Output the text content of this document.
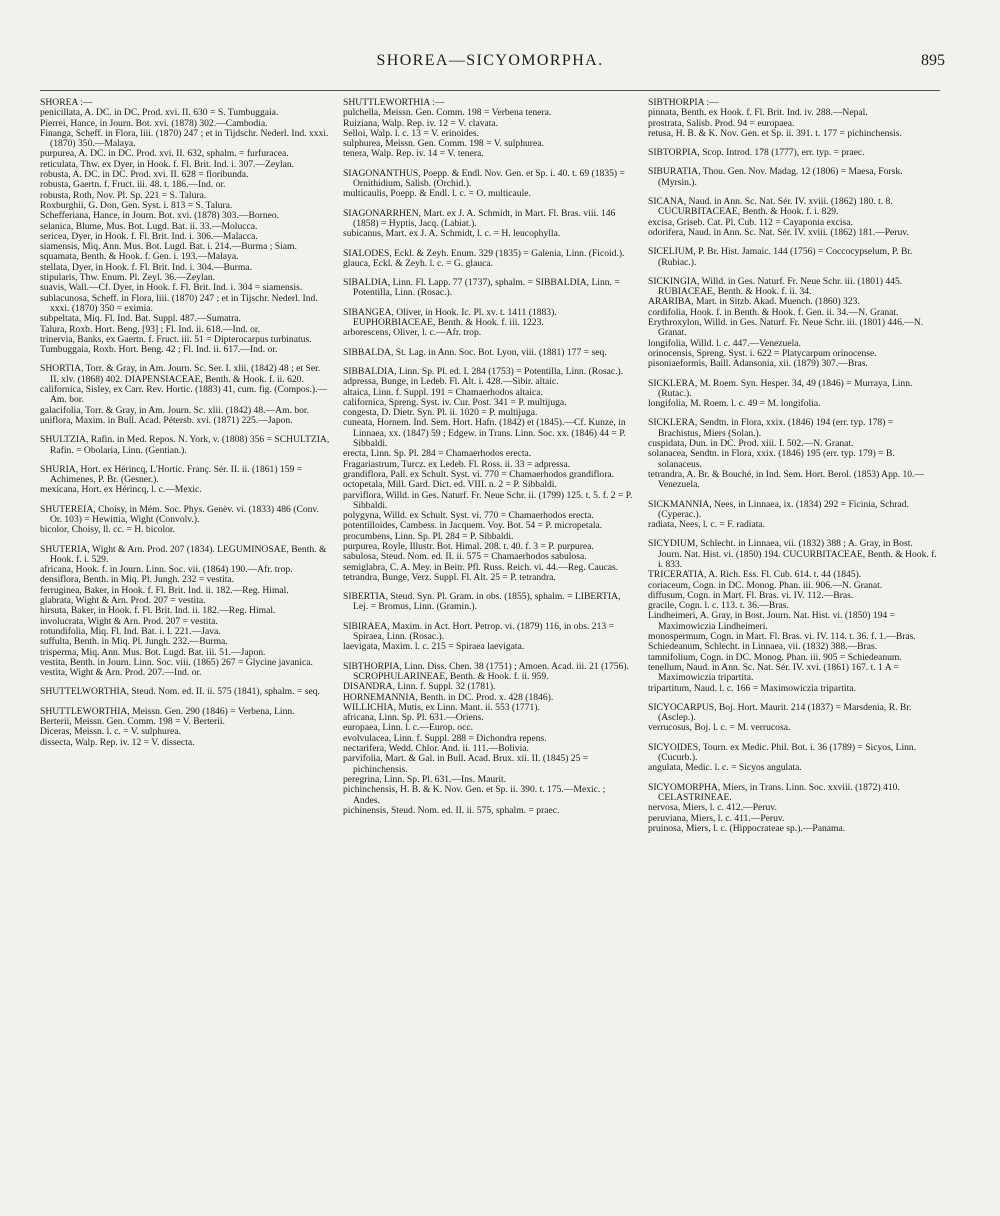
SHOREA—SICYOMORPHA.	895
SHOREA :—
penicillata, A. DC. in DC. Prod. xvi. II. 630 = S. Tumbuggaia.
Pierrei, Hance, in Journ. Bot. xvi. (1878) 302.—Cambodia.
Finanga, Scheff. in Flora, liii. (1870) 247 ; et in Tijdschr. Nederl. Ind. xxxi. (1870) 350.—Malaya.
purpurea, A. DC. in DC. Prod. xvi. II. 632, sphalm. = furfuracea.
reticulata, Thw. ex Dyer, in Hook. f. Fl. Brit. Ind. i. 307.—Zeylan.
robusta, A. DC. in DC. Prod. xvi. II. 628 = floribunda.
robusta, Gaertn. f. Fruct. iii. 48. t. 186.—Ind. or.
robusta, Roth, Nov. Pl. Sp. 221 = S. Talura.
Roxburghii, G. Don, Gen. Syst. i. 813 = S. Talura.
Schefferiana, Hance, in Journ. Bot. xvi. (1878) 303.—Borneo.
selanica, Blume, Mus. Bot. Lugd. Bat. ii. 33.—Molucca.
sericea, Dyer, in Hook. f. Fl. Brit. Ind. i. 306.—Malacca.
siamensis, Miq. Ann. Mus. Bot. Lugd. Bat. i. 214.—Burma ; Siam.
squamata, Benth. & Hook. f. Gen. i. 193.—Malaya.
stellata, Dyer, in Hook. f. Fl. Brit. Ind. i. 304.—Burma.
stipularis, Thw. Enum. Pl. Zeyl. 36.—Zeylan.
suavis, Wall.—Cf. Dyer, in Hook. f. Fl. Brit. Ind. i. 304 = siamensis.
sublacunosa, Scheff. in Flora, liii. (1870) 247 ; et in Tijschr. Nederl. Ind. xxxi. (1870) 350 = eximia.
subpeltata, Miq. Fl. Ind. Bat. Suppl. 487.—Sumatra.
Talura, Roxb. Hort. Beng. [93] ; Fl. Ind. ii. 618.—Ind. or.
trinervia, Banks, ex Gaertn. f. Fruct. iii. 51 = Dipterocarpus turbinatus.
Tumbuggaia, Roxb. Hort. Beng. 42 ; Fl. Ind. ii. 617.—Ind. or.
SHORTIA, Torr. & Gray, in Am. Journ. Sc. Ser. I. xlii. (1842) 48 ; et Ser. II. xlv. (1868) 402. DIAPENSIACEAE, Benth. & Hook. f. ii. 620.
californica, Sisley, ex Carr. Rev. Hortic. (1883) 41, cum. fig. (Compos.).—Am. bor.
galacifolia, Torr. & Gray, in Am. Journ. Sc. xlii. (1842) 48.—Am. bor.
uniflora, Maxim. in Bull. Acad. Pétersb. xvi. (1871) 225.—Japon.
SHULTZIA, Rafin. in Med. Repos. N. York, v. (1808) 356 = SCHULTZIA, Rafin. = Obolaria, Linn. (Gentian.).
SHURIA, Hort. ex Hérincq, L'Hortic. Franç. Sér. II. ii. (1861) 159 = Achimenes, P. Br. (Gesner.).
mexicana, Hort. ex Hérincq, l. c.—Mexic.
SHUTEREIA, Choisy, in Mém. Soc. Phys. Genèv. vi. (1833) 486 (Conv. Or. 103) = Hewittia, Wight (Convolv.).
bicolor, Choisy, ll. cc. = H. bicolor.
SHUTERIA, Wight & Arn. Prod. 207 (1834). LEGUMINOSAE, Benth. & Hook. f. i. 529.
africana, Hook. f. in Journ. Linn. Soc. vii. (1864) 190.—Afr. trop.
densiflora, Benth. in Miq. Pl. Jungh. 232 = vestita.
ferruginea, Baker, in Hook. f. Fl. Brit. Ind. ii. 182.—Reg. Himal.
glabrata, Wight & Arn. Prod. 207 = vestita.
hirsuta, Baker, in Hook. f. Fl. Brit. Ind. ii. 182.—Reg. Himal.
involucrata, Wight & Arn. Prod. 207 = vestita.
rotundifolia, Miq. Fl. Ind. Bat. i. I. 221.—Java.
suffulta, Benth. in Miq. Pl. Jungh. 232.—Burma.
trisperma, Miq. Ann. Mus. Bot. Lugd. Bat. iii. 51.—Japon.
vestita, Benth. in Journ. Linn. Soc. viii. (1865) 267 = Glycine javanica.
vestita, Wight & Arn. Prod. 207.—Ind. or.
SHUTTELWORTHIA, Steud. Nom. ed. II. ii. 575 (1841), sphalm. = seq.
SHUTTLEWORTHIA, Meissn. Gen. 290 (1846) = Verbena, Linn.
Berterii, Meissn. Gen. Comm. 198 = V. Berterii.
Diceras, Meissn. l. c. = V. sulphurea.
dissecta, Walp. Rep. iv. 12 = V. dissecta.
SHUTTLEWORTHIA :—
pulchella, Meissn. Gen. Comm. 198 = Verbena tenera.
Ruiziana, Walp. Rep. iv. 12 = V. clavata.
Selloi, Walp. l. c. 13 = V. erinoides.
sulphurea, Meissn. Gen. Comm. 198 = V. sulphurea.
tenera, Walp. Rep. iv. 14 = V. tenera.
SIAGONANTHUS, Poepp. & Endl. Nov. Gen. et Sp. i. 40. t. 69 (1835) = Ornithidium, Salisb. (Orchid.).
multicaulis, Poepp. & Endl. l. c. = O. multicaule.
SIAGONARRHEN, Mart. ex J. A. Schmidt, in Mart. Fl. Bras. viii. 146 (1858) = Hyptis, Jacq. (Labiat.).
subicanus, Mart. ex J. A. Schmidt, l. c. = H. leucophylla.
SIALODES, Eckl. & Zeyh. Enum. 329 (1835) = Galenia, Linn. (Ficoid.).
glauca, Eckl. & Zeyh. l. c. = G. glauca.
SIBALDIA, Linn. Fl. Lapp. 77 (1737), sphalm. = SIBBALDIA, Linn. = Potentilla, Linn. (Rosac.).
SIBANGEA, Oliver, in Hook. Ic. Pl. xv. t. 1411 (1883). EUPHORBIACEAE, Benth. & Hook. f. iii. 1223.
arborescens, Oliver, l. c.—Afr. trop.
SIBBALDA, St. Lag. in Ann. Soc. Bot. Lyon, viii. (1881) 177 = seq.
SIBBALDIA, Linn. Sp. Pl. ed. I. 284 (1753) = Potentilla, Linn. (Rosac.).
adpressa, Bunge, in Ledeb. Fl. Alt. i. 428.—Sibir. altaic.
altaica, Linn. f. Suppl. 191 = Chamaerhodos altaica.
californica, Spreng. Syst. iv. Cur. Post. 341 = P. multijuga.
congesta, D. Dietr. Syn. Pl. ii. 1020 = P. multijuga.
cuneata, Hornem. Ind. Sem. Hort. Hafn. (1842) et (1845).—Cf. Kunze, in Linnaea, xx. (1847) 59 ; Edgew. in Trans. Linn. Soc. xx. (1846) 44 = P. Sibbaldi.
erecta, Linn. Sp. Pl. 284 = Chamaerhodos erecta.
Fragariastrum, Turcz. ex Ledeb. Fl. Ross. ii. 33 = adpressa.
grandiflora, Pall. ex Schult. Syst. vi. 770 = Chamaerhodos grandiflora.
octopetala, Mill. Gard. Dict. ed. VIII. n. 2 = P. Sibbaldi.
parviflora, Willd. in Ges. Naturf. Fr. Neue Schr. ii. (1799) 125. t. 5. f. 2 = P. Sibbaldi.
polygyna, Willd. ex Schult. Syst. vi. 770 = Chamaerhodos erecta.
potentilloides, Cambess. in Jacquem. Voy. Bot. 54 = P. micropetala.
procumbens, Linn. Sp. Pl. 284 = P. Sibbaldi.
purpurea, Royle, Illustr. Bot. Himal. 208. t. 40. f. 3 = P. purpurea.
sabulosa, Steud. Nom. ed. II. ii. 575 = Chamaerhodos sabulosa.
semiglabra, C. A. Mey. in Beitr. Pfl. Russ. Reich. vi. 44.—Reg. Caucas.
tetrandra, Bunge, Verz. Suppl. Fl. Alt. 25 = P. tetrandra.
SIBERTIA, Steud. Syn. Pl. Gram. in obs. (1855), sphalm. = LIBERTIA, Lej. = Bromus, Linn. (Gramin.).
SIBIRAEA, Maxim. in Act. Hort. Petrop. vi. (1879) 116, in obs. 213 = Spiraea, Linn. (Rosac.).
laevigata, Maxim. l. c. 215 = Spiraea laevigata.
SIBTHORPIA, Linn. Diss. Chen. 38 (1751) ; Amoen. Acad. iii. 21 (1756). SCROPHULARINEAE, Benth. & Hook. f. ii. 959.
DISANDRA, Linn. f. Suppl. 32 (1781).
HORNEMANNIA, Benth. in DC. Prod. x. 428 (1846).
WILLICHIA, Mutis, ex Linn. Mant. ii. 553 (1771).
africana, Linn. Sp. Pl. 631.—Oriens.
europaea, Linn. l. c.—Europ. occ.
evolvulacea, Linn. f. Suppl. 288 = Dichondra repens.
nectarifera, Wedd. Chlor. And. ii. 111.—Bolivia.
parvifolia, Mart. & Gal. in Bull. Acad. Brux. xii. II. (1845) 25 = pichinchensis.
peregrina, Linn. Sp. Pl. 631.—Ins. Maurit.
pichinchensis, H. B. & K. Nov. Gen. et Sp. ii. 390. t. 175.—Mexic. ; Andes.
pichinensis, Steud. Nom. ed. II. ii. 575, sphalm. = praec.
SIBTHORPIA :—
pinnata, Benth. ex Hook. f. Fl. Brit. Ind. iv. 288.—Nepal.
prostrata, Salisb. Prod. 94 = europaea.
retusa, H. B. & K. Nov. Gen. et Sp. ii. 391. t. 177 = pichinchensis.
SIBTORPIA, Scop. Introd. 178 (1777), err. typ. = praec.
SIBURATIA, Thou. Gen. Nov. Madag. 12 (1806) = Maesa, Forsk. (Myrsin.).
SICANA, Naud. in Ann. Sc. Nat. Sér. IV. xviii. (1862) 180. t. 8. CUCURBITACEAE, Benth. & Hook. f. i. 829.
excisa, Griseb. Cat. Pl. Cub. 112 = Cayaponia excisa.
odorifera, Naud. in Ann. Sc. Nat. Sér. IV. xviii. (1862) 181.—Peruv.
SICELIUM, P. Br. Hist. Jamaic. 144 (1756) = Coccocypselum, P. Br. (Rubiac.).
SICKINGIA, Willd. in Ges. Naturf. Fr. Neue Schr. iii. (1801) 445. RUBIACEAE, Benth. & Hook. f. ii. 34.
ARARIBA, Mart. in Sitzb. Akad. Muench. (1860) 323.
cordifolia, Hook. f. in Benth. & Hook. f. Gen. ii. 34.—N. Granat.
Erythroxylon, Willd. in Ges. Naturf. Fr. Neue Schr. iii. (1801) 446.—N. Granat.
longifolia, Willd. l. c. 447.—Venezuela.
orinocensis, Spreng. Syst. i. 622 = Platycarpum orinocense.
pisoniaeformis, Baill. Adansonia, xii. (1879) 307.—Bras.
SICKLERA, M. Roem. Syn. Hesper. 34, 49 (1846) = Murraya, Linn. (Rutac.).
longifolia, M. Roem. l. c. 49 = M. longifolia.
SICKLERA, Sendtn. in Flora, xxix. (1846) 194 (err. typ. 178) = Brachistus, Miers (Solan.).
cuspidata, Dun. in DC. Prod. xiii. I. 502.—N. Granat.
solanacea, Sendtn. in Flora, xxix. (1846) 195 (err. typ. 179) = B. solanaceus.
tetrandra, A. Br. & Bouché, in Ind. Sem. Hort. Berol. (1853) App. 10.—Venezuela.
SICKMANNIA, Nees, in Linnaea, ix. (1834) 292 = Ficinia, Schrad. (Cyperac.).
radiata, Nees, l. c. = F. radiata.
SICYDIUM, Schlecht. in Linnaea, vii. (1832) 388 ; A. Gray, in Bost. Journ. Nat. Hist. vi. (1850) 194. CUCURBITACEAE, Benth. & Hook. f. i. 833.
TRICERATIA, A. Rich. Ess. Fl. Cub. 614. t. 44 (1845).
coriaceum, Cogn. in DC. Monog. Phan. iii. 906.—N. Granat.
diffusum, Cogn. in Mart. Fl. Bras. vi. IV. 112.—Bras.
gracile, Cogn. l. c. 113. t. 36.—Bras.
Lindheimeri, A. Gray, in Bost. Journ. Nat. Hist. vi. (1850) 194 = Maximowiczia Lindheimeri.
monospermum, Cogn. in Mart. Fl. Bras. vi. IV. 114. t. 36. f. 1.—Bras.
Schiedeanum, Schlecht. in Linnaea, vii. (1832) 388.—Bras.
tamnifolium, Cogn. in DC. Monog. Phan. iii. 905 = Schiedeanum.
tenellum, Naud. in Ann. Sc. Nat. Sér. IV. xvi. (1861) 167. t. 1 A = Maximowiczia tripartita.
tripartitum, Naud. l. c. 166 = Maximowiczia tripartita.
SICYOCARPUS, Boj. Hort. Maurit. 214 (1837) = Marsdenia, R. Br. (Asclep.).
verrucosus, Boj. l. c. = M. verrucosa.
SICYOIDES, Tourn. ex Medic. Phil. Bot. i. 36 (1789) = Sicyos, Linn. (Cucurb.).
angulata, Medic. l. c. = Sicyos angulata.
SICYOMORPHA, Miers, in Trans. Linn. Soc. xxviii. (1872) 410. CELASTRINEAE.
nervosa, Miers, l. c. 412.—Peruv.
peruviana, Miers, l. c. 411.—Peruv.
pruinosa, Miers, l. c. (Hippocrateae sp.).—Panama.
